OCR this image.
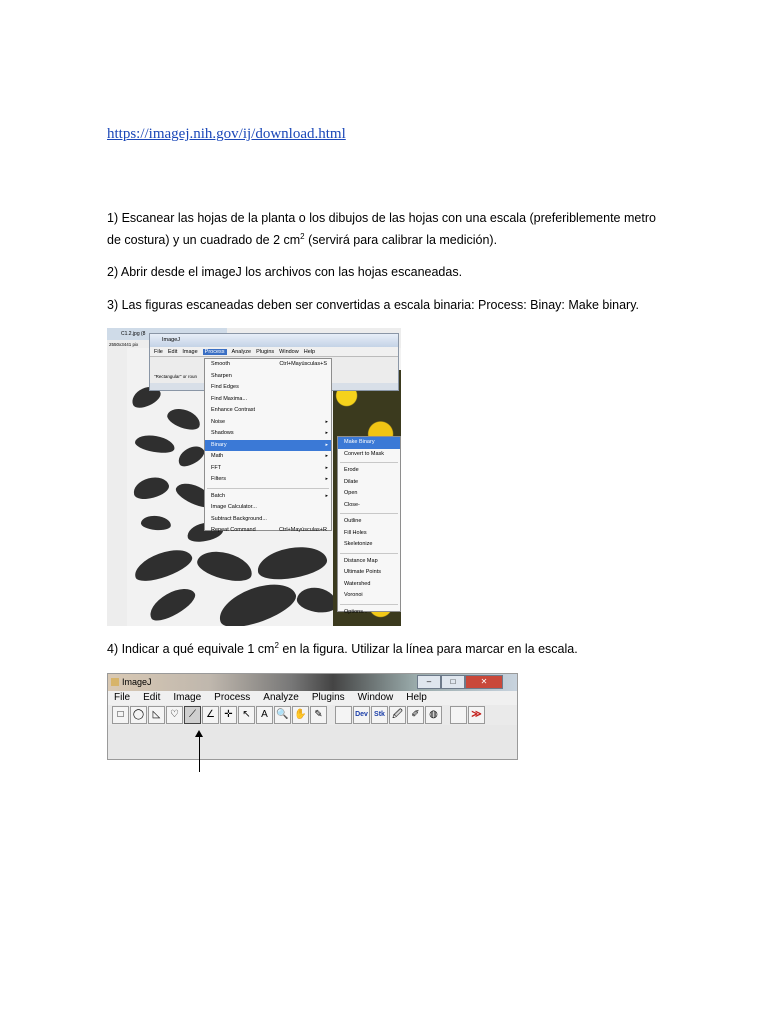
https://imagej.nih.gov/ij/download.html

1) Escanear las hojas de la planta o los dibujos de las hojas con una escala (preferiblemente metro de costura) y un cuadrado de 2 $cm^2$ (servirá para calibrar la medición).

2) Abrir desde el imageJ los archivos con las hojas escaneadas.

3) Las figuras escaneadas deben ser convertidas a escala binaria: Process: Binay: Make binary.

C1.2.jpg (8
2550x3441 pix
ImageJ
File Edit Image	Process	Analyze Plugins Window Help
"Rectangular" or roun
Smooth	Ctrl+Mayúsculas+S
Sharpen
Find Edges
Find Maxima...
Enhance Contrast
Noise	▸
Shadows	▸
Binary	▸
Math	▸
FFT	▸
Filters	▸
Batch	▸
Image Calculator...
Subtract Background...
Repeat Command	Ctrl+Mayúsculas+R
Make Binary
Convert to Mask
Erode
Dilate
Open
Close-
Outline
Fill Holes
Skeletonize
Distance Map
Ultimate Points
Watershed
Voronoi
Options...

4) Indicar a qué equivale 1 $cm^2$ en la figura. Utilizar la línea para marcar en la escala.

ImageJ	–	□	✕
File Edit Image Process Analyze Plugins Window Help
□ ◯ ◺ ♡	⟋	∠ ✛ ↖	A 🔍 ✋ ✎	Dev Stk 🖉 ✐ ◍	≫
